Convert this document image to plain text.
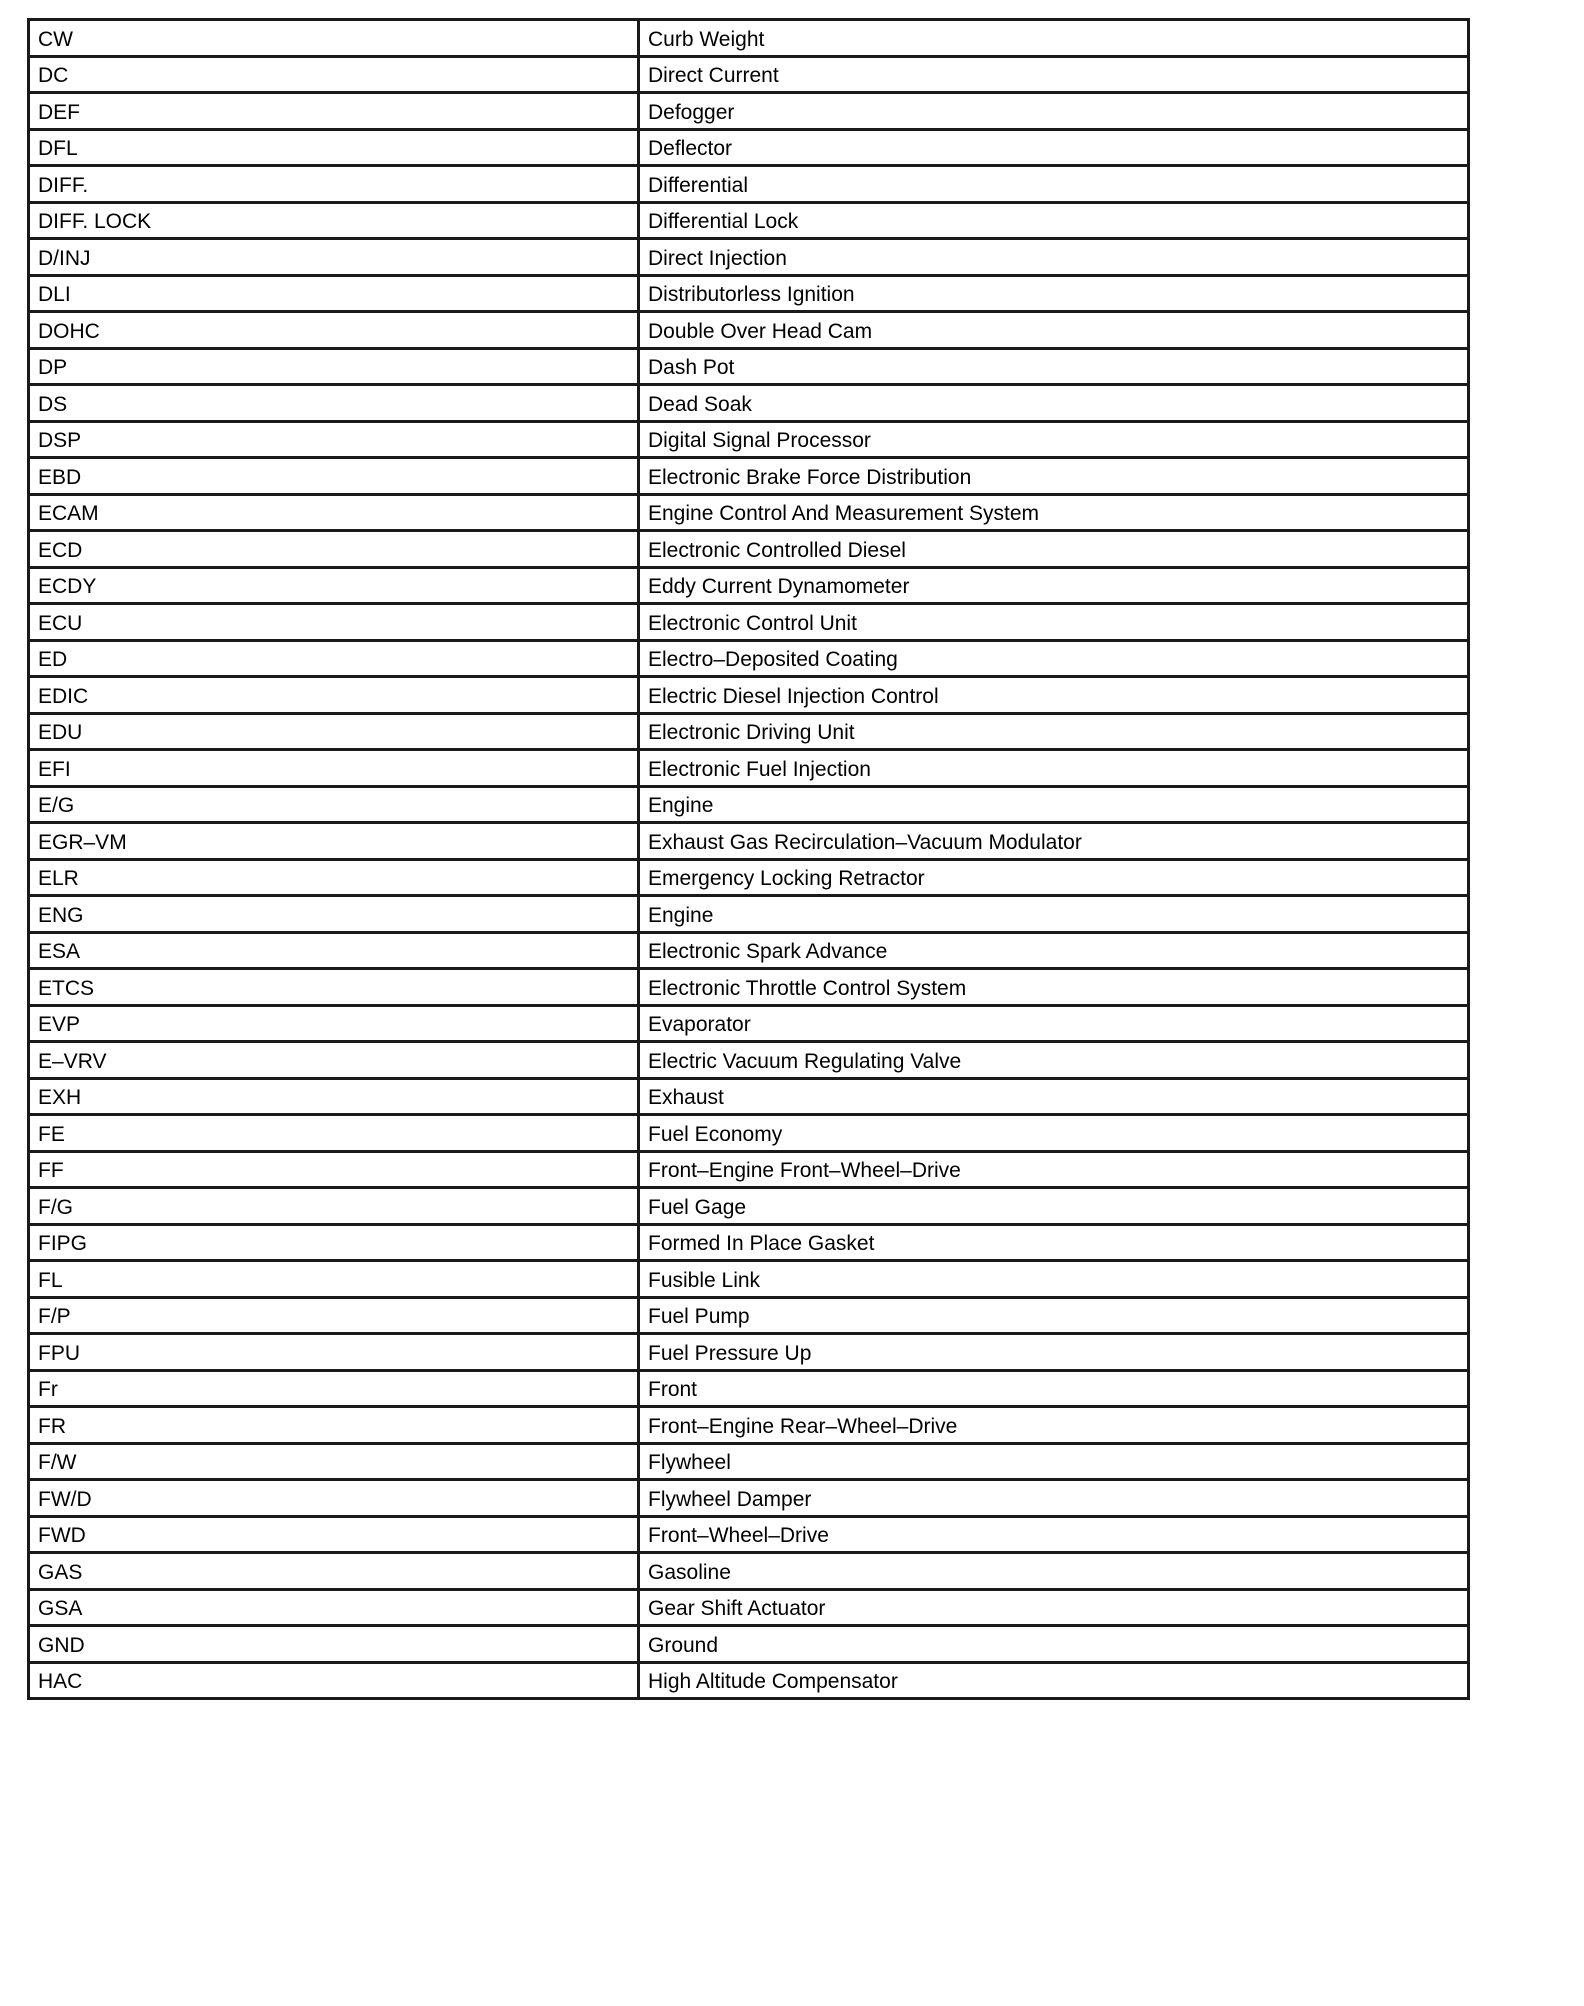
CW	Curb Weight
DC	Direct Current
DEF	Defogger
DFL	Deflector
DIFF.	Differential
DIFF. LOCK	Differential Lock
D/INJ	Direct Injection
DLI	Distributorless Ignition
DOHC	Double Over Head Cam
DP	Dash Pot
DS	Dead Soak
DSP	Digital Signal Processor
EBD	Electronic Brake Force Distribution
ECAM	Engine Control And Measurement System
ECD	Electronic Controlled Diesel
ECDY	Eddy Current Dynamometer
ECU	Electronic Control Unit
ED	Electro–Deposited Coating
EDIC	Electric Diesel Injection Control
EDU	Electronic Driving Unit
EFI	Electronic Fuel Injection
E/G	Engine
EGR–VM	Exhaust Gas Recirculation–Vacuum Modulator
ELR	Emergency Locking Retractor
ENG	Engine
ESA	Electronic Spark Advance
ETCS	Electronic Throttle Control System
EVP	Evaporator
E–VRV	Electric Vacuum Regulating Valve
EXH	Exhaust
FE	Fuel Economy
FF	Front–Engine Front–Wheel–Drive
F/G	Fuel Gage
FIPG	Formed In Place Gasket
FL	Fusible Link
F/P	Fuel Pump
FPU	Fuel Pressure Up
Fr	Front
FR	Front–Engine Rear–Wheel–Drive
F/W	Flywheel
FW/D	Flywheel Damper
FWD	Front–Wheel–Drive
GAS	Gasoline
GSA	Gear Shift Actuator
GND	Ground
HAC	High Altitude Compensator
